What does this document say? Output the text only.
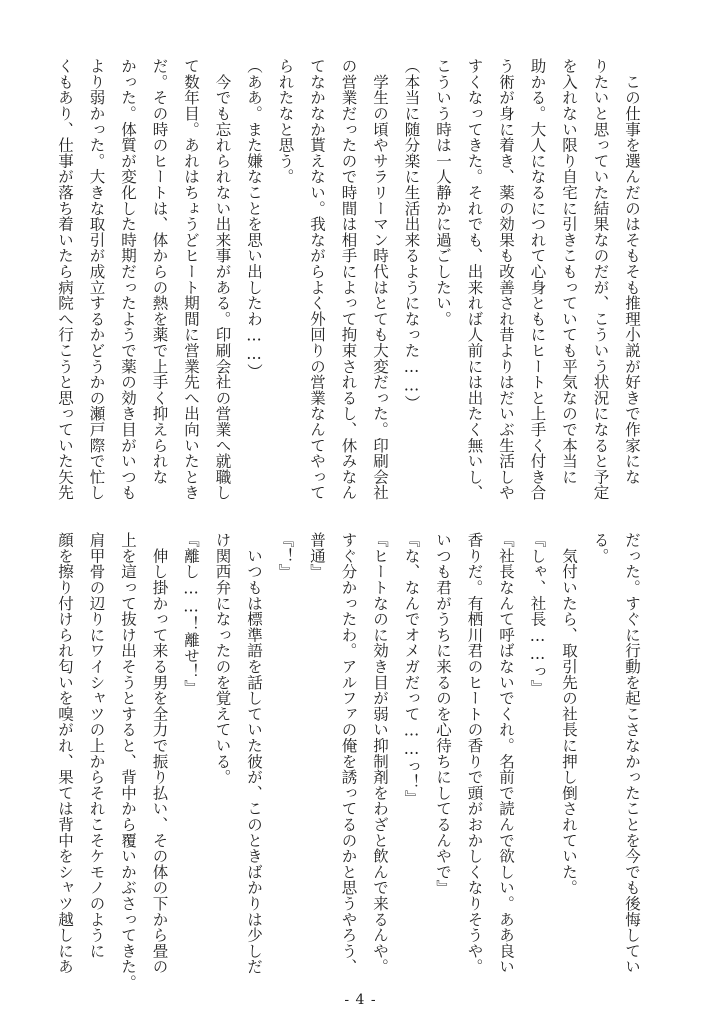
　この仕事を選んだのはそもそも推理小説が好きで作家にな
りたいと思っていた結果なのだが、こういう状況になると予定
を入れない限り自宅に引きこもっていても平気なので本当に
助かる。大人になるにつれて心身ともにヒートと上手く付き合
う術が身に着き、薬の効果も改善され昔よりはだいぶ生活しや
すくなってきた。それでも、出来れば人前には出たく無いし、
こういう時は一人静かに過ごしたい。
（本当に随分楽に生活出来るようになった……）
　学生の頃やサラリーマン時代はとても大変だった。印刷会社
の営業だったので時間は相手によって拘束されるし、休みなん
てなかなか貰えない。我ながらよく外回りの営業なんてやって
られたなと思う。
（ああ。また嫌なことを思い出したわ……）
　今でも忘れられない出来事がある。印刷会社の営業へ就職し
て数年目。あれはちょうどヒート期間に営業先へ出向いたとき
だ。その時のヒートは、体からの熱を薬で上手く抑えられな
かった。体質が変化した時期だったようで薬の効き目がいつも
より弱かった。大きな取引が成立するかどうかの瀬戸際で忙し
くもあり、仕事が落ち着いたら病院へ行こうと思っていた矢先
だった。すぐに行動を起こさなかったことを今でも後悔してい
る。
　気付いたら、取引先の社長に押し倒されていた。
『しゃ、社長……っ』
『社長なんて呼ばないでくれ。名前で読んで欲しい。ああ良い
香りだ。有栖川君のヒートの香りで頭がおかしくなりそうや。
いつも君がうちに来るのを心待ちにしてるんやで』
『な、なんでオメガだって……っ！』
『ヒートなのに効き目が弱い抑制剤をわざと飲んで来るんや。
すぐ分かったわ。アルファの俺を誘ってるのかと思うやろう、
普通』
『！』
　いつもは標準語を話していた彼が、このときばかりは少しだ
け関西弁になったのを覚えている。
『離し……！離せ！』
　伸し掛かって来る男を全力で振り払い、その体の下から畳の
上を這って抜け出そうとすると、背中から覆いかぶさってきた。
肩甲骨の辺りにワイシャツの上からそれこそケモノのように
顔を擦り付けられ匂いを嗅がれ、果ては背中をシャツ越しにあ
- 4 -
